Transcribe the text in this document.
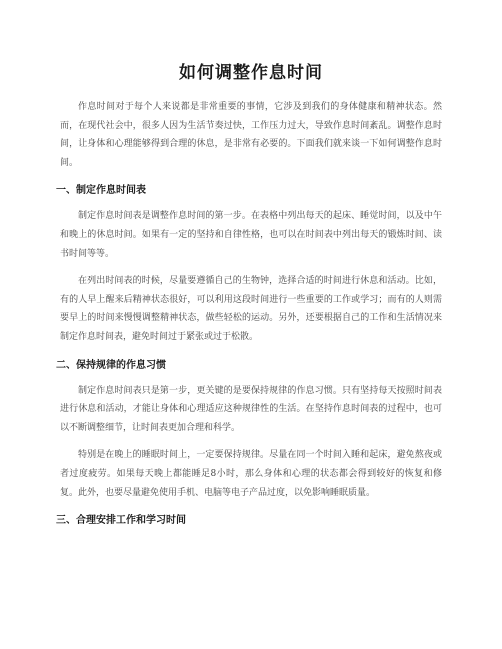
如何调整作息时间

作息时间对于每个人来说都是非常重要的事情，它涉及到我们的身体健康和精神状态。然而，在现代社会中，很多人因为生活节奏过快，工作压力过大，导致作息时间紊乱。调整作息时间，让身体和心理能够得到合理的休息，是非常有必要的。下面我们就来谈一下如何调整作息时间。

一、制定作息时间表

制定作息时间表是调整作息时间的第一步。在表格中列出每天的起床、睡觉时间，以及中午和晚上的休息时间。如果有一定的坚持和自律性格，也可以在时间表中列出每天的锻炼时间、读书时间等等。

在列出时间表的时候，尽量要遵循自己的生物钟，选择合适的时间进行休息和活动。比如，有的人早上醒来后精神状态很好，可以利用这段时间进行一些重要的工作或学习；而有的人则需要早上的时间来慢慢调整精神状态，做些轻松的运动。另外，还要根据自己的工作和生活情况来制定作息时间表，避免时间过于紧张或过于松散。

二、保持规律的作息习惯

制定作息时间表只是第一步，更关键的是要保持规律的作息习惯。只有坚持每天按照时间表进行休息和活动，才能让身体和心理适应这种规律性的生活。在坚持作息时间表的过程中，也可以不断调整细节，让时间表更加合理和科学。

特别是在晚上的睡眠时间上，一定要保持规律。尽量在同一个时间入睡和起床，避免熬夜或者过度疲劳。如果每天晚上都能睡足8小时，那么身体和心理的状态都会得到较好的恢复和修复。此外，也要尽量避免使用手机、电脑等电子产品过度，以免影响睡眠质量。

三、合理安排工作和学习时间
